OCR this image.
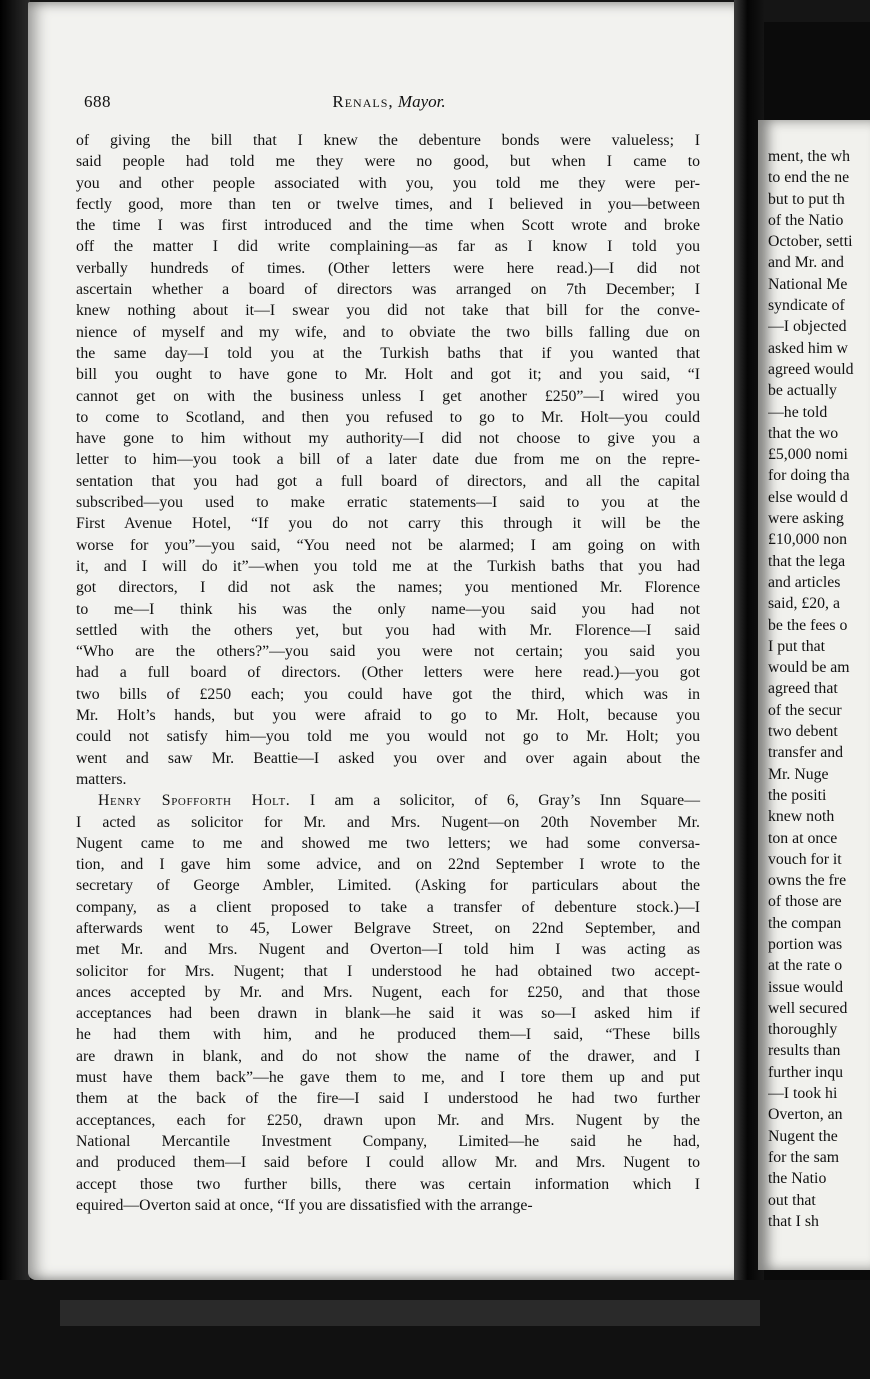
688	Renals, Mayor.
of giving the bill that I knew the debenture bonds were valueless; I
said people had told me they were no good, but when I came to
you and other people associated with you, you told me they were per-
fectly good, more than ten or twelve times, and I believed in you—between
the time I was first introduced and the time when Scott wrote and broke
off the matter I did write complaining—as far as I know I told you
verbally hundreds of times. (Other letters were here read.)—I did not
ascertain whether a board of directors was arranged on 7th December; I
knew nothing about it—I swear you did not take that bill for the conve-
nience of myself and my wife, and to obviate the two bills falling due on
the same day—I told you at the Turkish baths that if you wanted that
bill you ought to have gone to Mr. Holt and got it; and you said, “I
cannot get on with the business unless I get another £250”—I wired you
to come to Scotland, and then you refused to go to Mr. Holt—you could
have gone to him without my authority—I did not choose to give you a
letter to him—you took a bill of a later date due from me on the repre-
sentation that you had got a full board of directors, and all the capital
subscribed—you used to make erratic statements—I said to you at the
First Avenue Hotel, “If you do not carry this through it will be the
worse for you”—you said, “You need not be alarmed; I am going on with
it, and I will do it”—when you told me at the Turkish baths that you had
got directors, I did not ask the names; you mentioned Mr. Florence
to me—I think his was the only name—you said you had not
settled with the others yet, but you had with Mr. Florence—I said
“Who are the others?”—you said you were not certain; you said you
had a full board of directors. (Other letters were here read.)—you got
two bills of £250 each; you could have got the third, which was in
Mr. Holt’s hands, but you were afraid to go to Mr. Holt, because you
could not satisfy him—you told me you would not go to Mr. Holt; you
went and saw Mr. Beattie—I asked you over and over again about the
matters.
Henry Spofforth Holt. I am a solicitor, of 6, Gray’s Inn Square—
I acted as solicitor for Mr. and Mrs. Nugent—on 20th November Mr.
Nugent came to me and showed me two letters; we had some conversa-
tion, and I gave him some advice, and on 22nd September I wrote to the
secretary of George Ambler, Limited. (Asking for particulars about the
company, as a client proposed to take a transfer of debenture stock.)—I
afterwards went to 45, Lower Belgrave Street, on 22nd September, and
met Mr. and Mrs. Nugent and Overton—I told him I was acting as
solicitor for Mrs. Nugent; that I understood he had obtained two accept-
ances accepted by Mr. and Mrs. Nugent, each for £250, and that those
acceptances had been drawn in blank—he said it was so—I asked him if
he had them with him, and he produced them—I said, “These bills
are drawn in blank, and do not show the name of the drawer, and I
must have them back”—he gave them to me, and I tore them up and put
them at the back of the fire—I said I understood he had two further
acceptances, each for £250, drawn upon Mr. and Mrs. Nugent by the
National Mercantile Investment Company, Limited—he said he had,
and produced them—I said before I could allow Mr. and Mrs. Nugent to
accept those two further bills, there was certain information which I
equired—Overton said at once, “If you are dissatisfied with the arrange-
ment, the wh
to end the ne
but to put th
of the Natio
October, setti
and Mr. and
National Me
syndicate of
—I objected
asked him w
agreed would
be actually
—he told
that the wo
£5,000 nomi
for doing tha
else would d
were asking
£10,000 non
that the lega
and articles
said, £20, a
be the fees o
I put that
would be am
agreed that
of the secur
two debent
transfer and
Mr. Nuge
the positi
knew noth
ton at once
vouch for it
owns the fre
of those are
the compan
portion was
at the rate o
issue would
well secured
thoroughly
results than
further inqu
—I took hi
Overton, an
Nugent the
for the sam
the Natio
out that
that I sh
